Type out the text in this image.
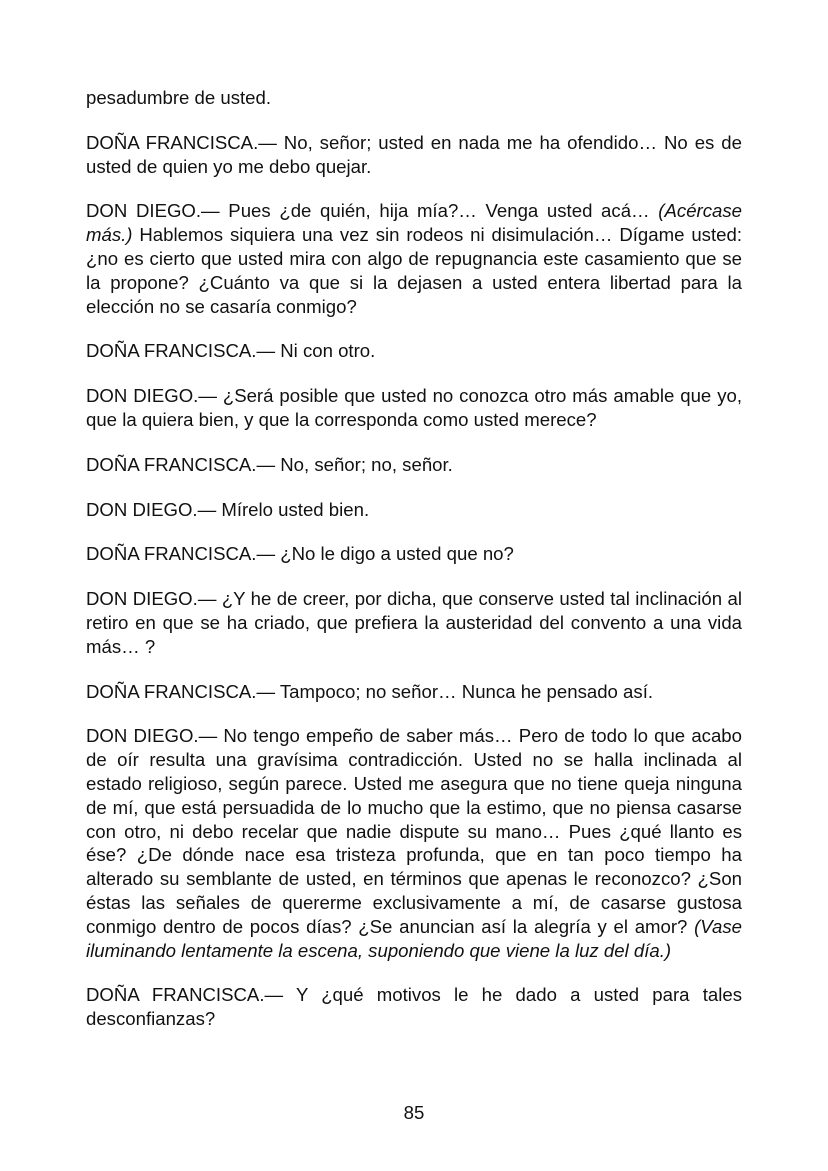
pesadumbre de usted.

DOÑA FRANCISCA.— No, señor; usted en nada me ha ofendido… No es de usted de quien yo me debo quejar.

DON DIEGO.— Pues ¿de quién, hija mía?… Venga usted acá… (Acércase más.) Hablemos siquiera una vez sin rodeos ni disimulación… Dígame usted: ¿no es cierto que usted mira con algo de repugnancia este casamiento que se la propone? ¿Cuánto va que si la dejasen a usted entera libertad para la elección no se casaría conmigo?

DOÑA FRANCISCA.— Ni con otro.

DON DIEGO.— ¿Será posible que usted no conozca otro más amable que yo, que la quiera bien, y que la corresponda como usted merece?

DOÑA FRANCISCA.— No, señor; no, señor.

DON DIEGO.— Mírelo usted bien.

DOÑA FRANCISCA.— ¿No le digo a usted que no?

DON DIEGO.— ¿Y he de creer, por dicha, que conserve usted tal inclinación al retiro en que se ha criado, que prefiera la austeridad del convento a una vida más… ?

DOÑA FRANCISCA.— Tampoco; no señor… Nunca he pensado así.

DON DIEGO.— No tengo empeño de saber más… Pero de todo lo que acabo de oír resulta una gravísima contradicción. Usted no se halla inclinada al estado religioso, según parece. Usted me asegura que no tiene queja ninguna de mí, que está persuadida de lo mucho que la estimo, que no piensa casarse con otro, ni debo recelar que nadie dispute su mano… Pues ¿qué llanto es ése? ¿De dónde nace esa tristeza profunda, que en tan poco tiempo ha alterado su semblante de usted, en términos que apenas le reconozco? ¿Son éstas las señales de quererme exclusivamente a mí, de casarse gustosa conmigo dentro de pocos días? ¿Se anuncian así la alegría y el amor? (Vase iluminando lentamente la escena, suponiendo que viene la luz del día.)

DOÑA FRANCISCA.— Y ¿qué motivos le he dado a usted para tales desconfianzas?

85
